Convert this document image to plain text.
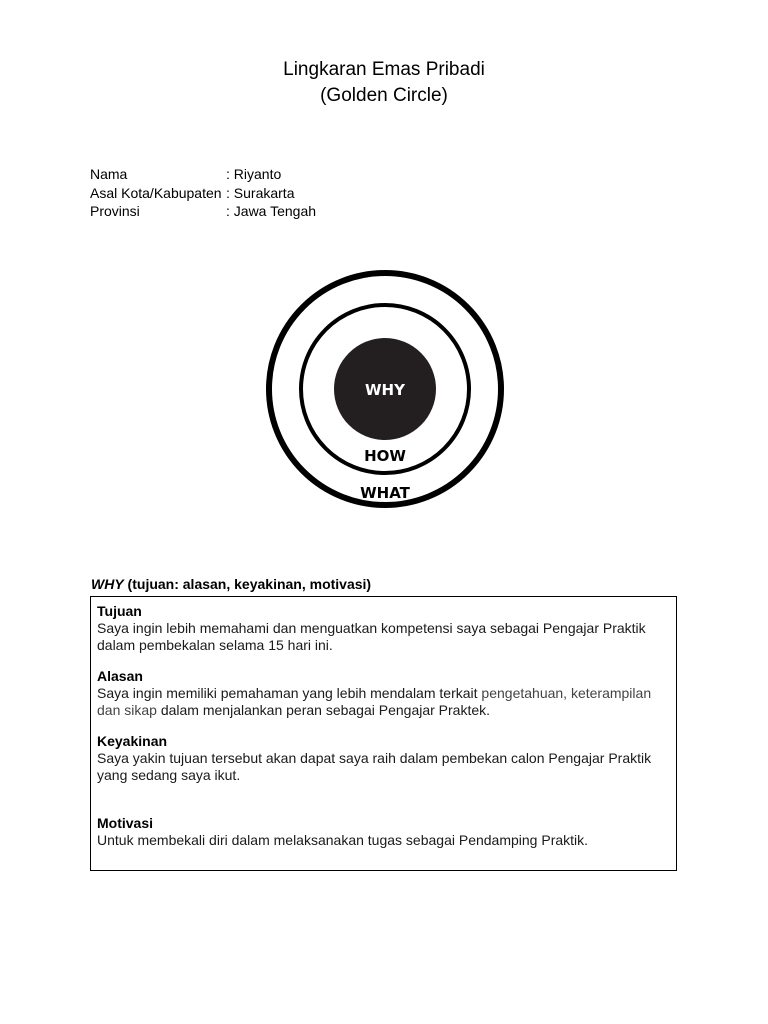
Lingkaran Emas Pribadi
(Golden Circle)
Nama	: Riyanto
Asal Kota/Kabupaten : Surakarta
Provinsi	: Jawa Tengah
WHY
HOW
WHAT
WHY (tujuan: alasan, keyakinan, motivasi)
Tujuan
Saya ingin lebih memahami dan menguatkan kompetensi saya sebagai Pengajar Praktik dalam pembekalan selama 15 hari ini.
Alasan
Saya ingin memiliki pemahaman yang lebih mendalam terkait pengetahuan, keterampilan dan sikap dalam menjalankan peran sebagai Pengajar Praktek.
Keyakinan
Saya yakin tujuan tersebut akan dapat saya raih dalam pembekan calon Pengajar Praktik yang sedang saya ikut.
Motivasi
Untuk membekali diri dalam melaksanakan tugas sebagai Pendamping Praktik.
